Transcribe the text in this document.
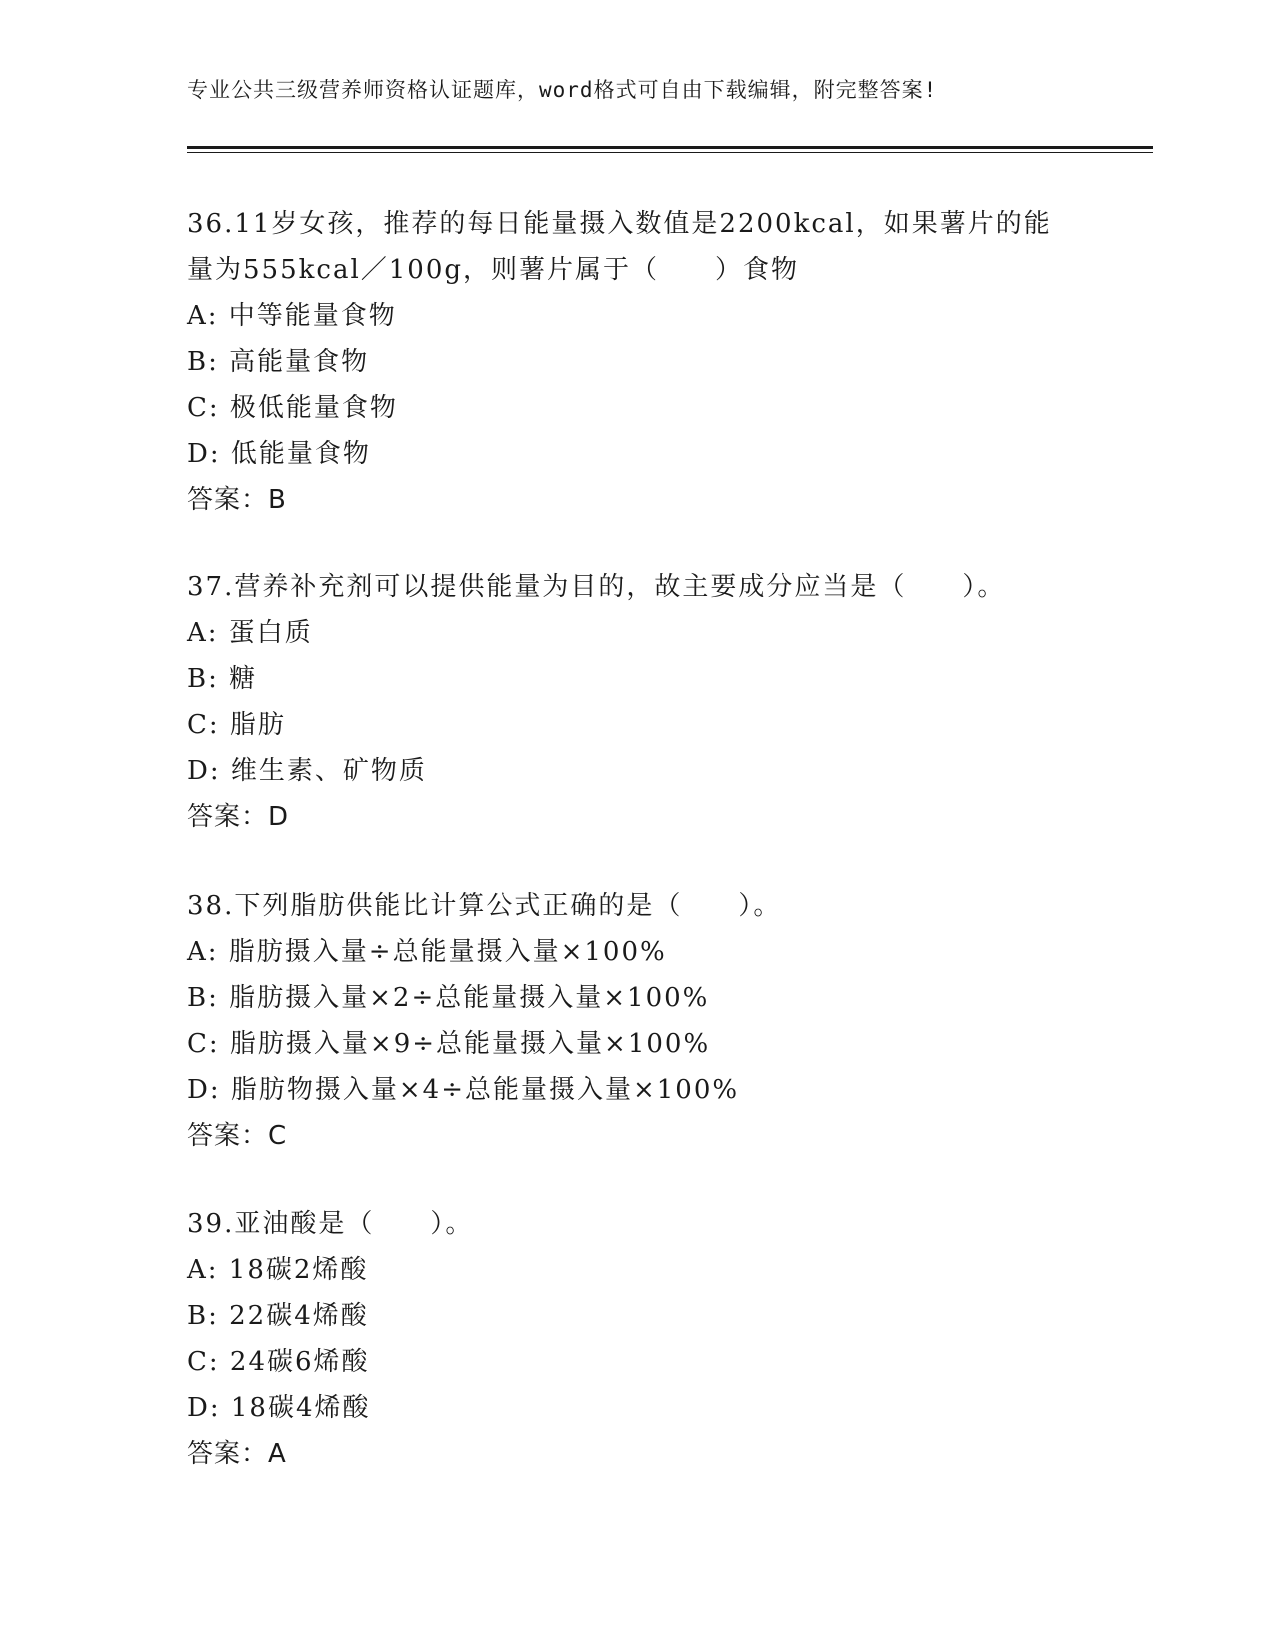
专业公共三级营养师资格认证题库，word格式可自由下载编辑，附完整答案!
36.11岁女孩，推荐的每日能量摄入数值是2200kcal，如果薯片的能
量为555kcal／100g，则薯片属于（　　）食物
A: 中等能量食物
B: 高能量食物
C: 极低能量食物
D: 低能量食物
答案：B
37.营养补充剂可以提供能量为目的，故主要成分应当是（　　）。
A: 蛋白质
B: 糖
C: 脂肪
D: 维生素、矿物质
答案：D
38.下列脂肪供能比计算公式正确的是（　　）。
A: 脂肪摄入量÷总能量摄入量×100%
B: 脂肪摄入量×2÷总能量摄入量×100%
C: 脂肪摄入量×9÷总能量摄入量×100%
D: 脂肪物摄入量×4÷总能量摄入量×100%
答案：C
39.亚油酸是（　　）。
A: 18碳2烯酸
B: 22碳4烯酸
C: 24碳6烯酸
D: 18碳4烯酸
答案：A
